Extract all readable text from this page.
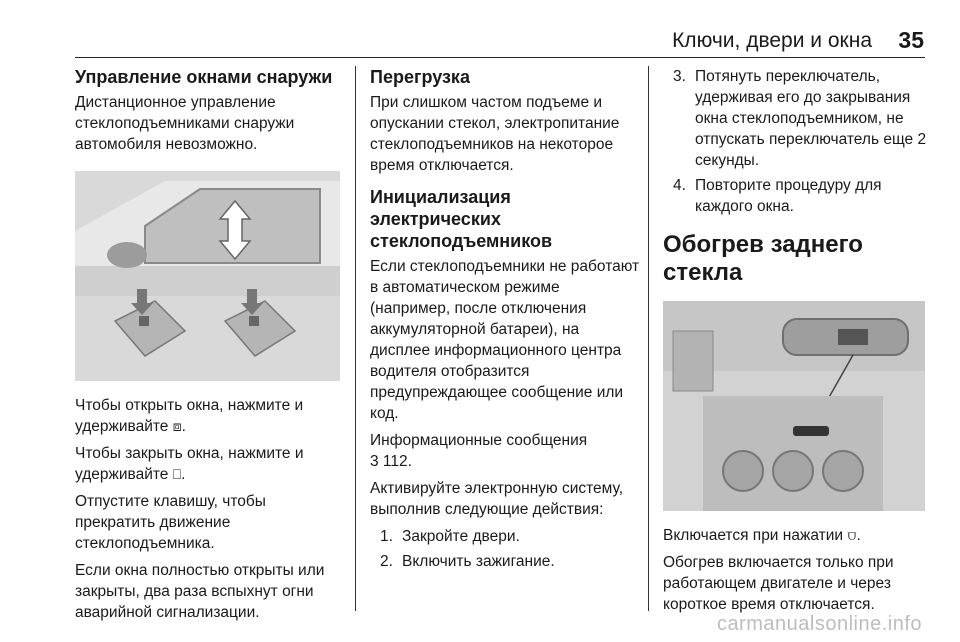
Ключи, двери и окна 35
Управление окнами снаружи

Дистанционное управление стеклоподъемниками снаружи автомобиля невозможно.

Чтобы открыть окна, нажмите и удерживайте ⧈.

Чтобы закрыть окна, нажмите и удерживайте ⎕.

Отпустите клавишу, чтобы прекратить движение стеклоподъемника.

Если окна полностью открыты или закрыты, два раза вспыхнут огни аварийной сигнализации.

Перегрузка

При слишком частом подъеме и опускании стекол, электропитание стеклоподъемников на некоторое время отключается.

Инициализация электрических стеклоподъемников

Если стеклоподъемники не работают в автоматическом режиме (например, после отключения аккумуляторной батареи), на дисплее информационного центра водителя отобразится предупреждающее сообщение или код.

Информационные сообщения
3 112.

Активируйте электронную систему, выполнив следующие действия:

1. Закройте двери.
2. Включить зажигание.
3. Потянуть переключатель, удерживая его до закрывания окна стеклоподъемником, не отпускать переключатель еще 2 секунды.
4. Повторите процедуру для каждого окна.
Обогрев заднего стекла

Включается при нажатии ⩌.

Обогрев включается только при работающем двигателе и через короткое время отключается.

carmanualsonline.info
